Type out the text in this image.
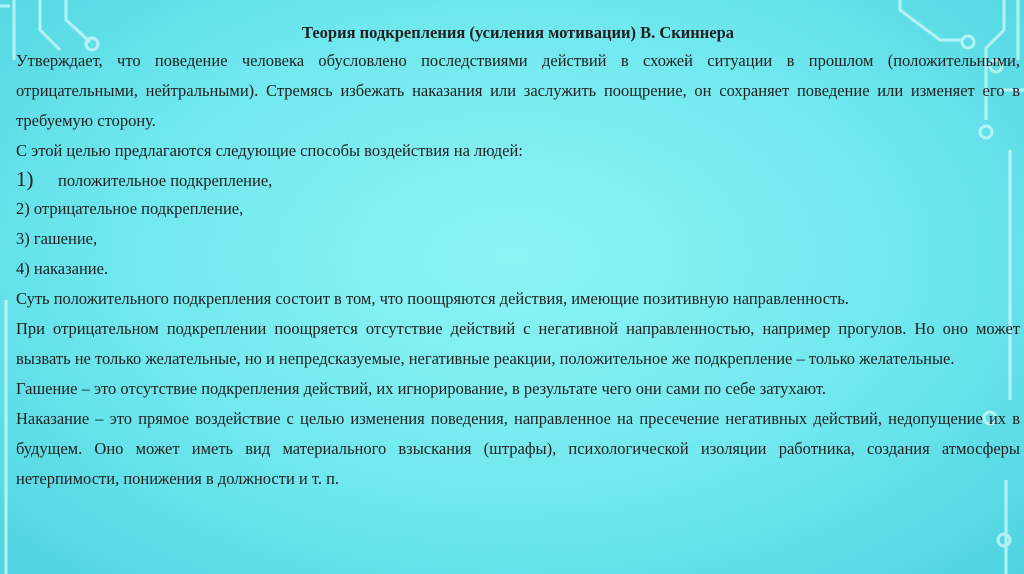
Теория подкрепления (усиления мотивации) В. Скиннера

Утверждает, что поведение человека обусловлено последствиями действий в схожей ситуации в прошлом (положительными, отрицательными, нейтральными). Стремясь избежать наказания или заслужить поощрение, он сохраняет поведение или изменяет его в требуемую сторону.

С этой целью предлагаются следующие способы воздействия на людей:

1) положительное подкрепление,

2) отрицательное подкрепление,

3) гашение,

4) наказание.

Суть положительного подкрепления состоит в том, что поощряются действия, имеющие позитивную направленность.

При отрицательном подкреплении поощряется отсутствие действий с негативной направленностью, например прогулов. Но оно может вызвать не только желательные, но и непредсказуемые, негативные реакции, положительное же подкрепление – только желательные.

Гашение – это отсутствие подкрепления действий, их игнорирование, в результате чего они сами по себе затухают.

Наказание – это прямое воздействие с целью изменения поведения, направленное на пресечение негативных действий, недопущение их в будущем. Оно может иметь вид материального взыскания (штрафы), психологической изоляции работника, создания атмосферы нетерпимости, понижения в должности и т. п.
